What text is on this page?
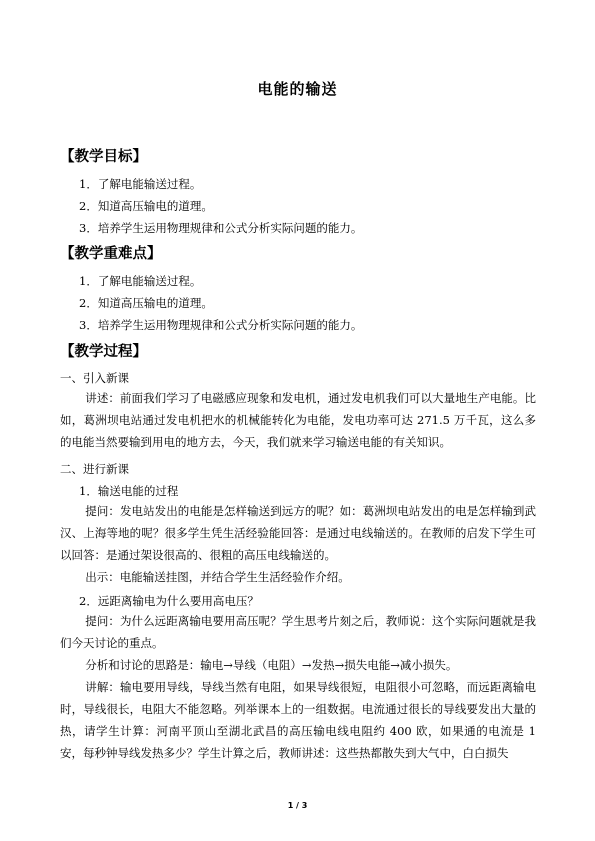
电能的输送
【教学目标】
1．了解电能输送过程。
2．知道高压输电的道理。
3．培养学生运用物理规律和公式分析实际问题的能力。
【教学重难点】
1．了解电能输送过程。
2．知道高压输电的道理。
3．培养学生运用物理规律和公式分析实际问题的能力。
【教学过程】
一、引入新课
讲述：前面我们学习了电磁感应现象和发电机，通过发电机我们可以大量地生产电能。比如，葛洲坝电站通过发电机把水的机械能转化为电能，发电功率可达 271.5 万千瓦，这么多的电能当然要输到用电的地方去，今天，我们就来学习输送电能的有关知识。
二、进行新课
1．输送电能的过程
提问：发电站发出的电能是怎样输送到远方的呢？如：葛洲坝电站发出的电是怎样输到武汉、上海等地的呢？很多学生凭生活经验能回答：是通过电线输送的。在教师的启发下学生可以回答：是通过架设很高的、很粗的高压电线输送的。
出示：电能输送挂图，并结合学生生活经验作介绍。
2．远距离输电为什么要用高电压？
提问：为什么远距离输电要用高压呢？学生思考片刻之后，教师说：这个实际问题就是我们今天讨论的重点。
分析和讨论的思路是：输电→导线（电阻）→发热→损失电能→减小损失。
讲解：输电要用导线，导线当然有电阻，如果导线很短，电阻很小可忽略，而远距离输电时，导线很长，电阻大不能忽略。列举课本上的一组数据。电流通过很长的导线要发出大量的热，请学生计算：河南平顶山至湖北武昌的高压输电线电阻约 400 欧，如果通的电流是 1 安，每秒钟导线发热多少？学生计算之后，教师讲述：这些热都散失到大气中，白白损失
1 / 3
